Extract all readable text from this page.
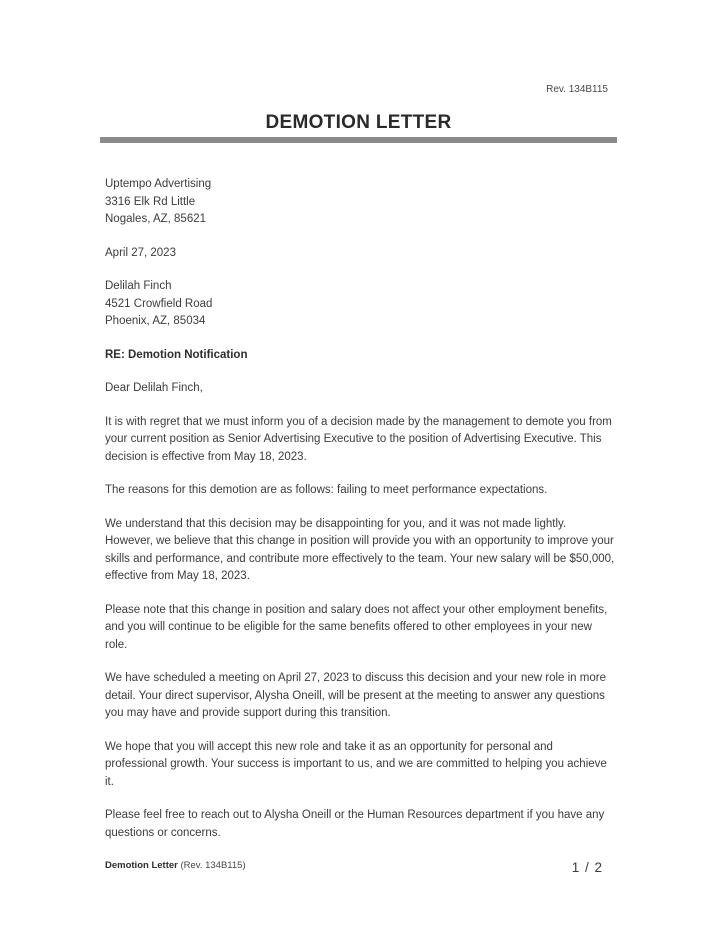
Rev. 134B115
DEMOTION LETTER

Uptempo Advertising

3316 Elk Rd Little

Nogales, AZ, 85621

April 27, 2023

Delilah Finch

4521 Crowfield Road

Phoenix, AZ, 85034

RE: Demotion Notification

Dear Delilah Finch,

It is with regret that we must inform you of a decision made by the management to demote you from your current position as Senior Advertising Executive to the position of Advertising Executive. This decision is effective from May 18, 2023.

The reasons for this demotion are as follows: failing to meet performance expectations.

We understand that this decision may be disappointing for you, and it was not made lightly. However, we believe that this change in position will provide you with an opportunity to improve your skills and performance, and contribute more effectively to the team. Your new salary will be $50,000, effective from May 18, 2023.

Please note that this change in position and salary does not affect your other employment benefits, and you will continue to be eligible for the same benefits offered to other employees in your new role.

We have scheduled a meeting on April 27, 2023 to discuss this decision and your new role in more detail. Your direct supervisor, Alysha Oneill, will be present at the meeting to answer any questions you may have and provide support during this transition.

We hope that you will accept this new role and take it as an opportunity for personal and professional growth. Your success is important to us, and we are committed to helping you achieve it.

Please feel free to reach out to Alysha Oneill or the Human Resources department if you have any questions or concerns.

Demotion Letter (Rev. 134B115)	1 / 2
